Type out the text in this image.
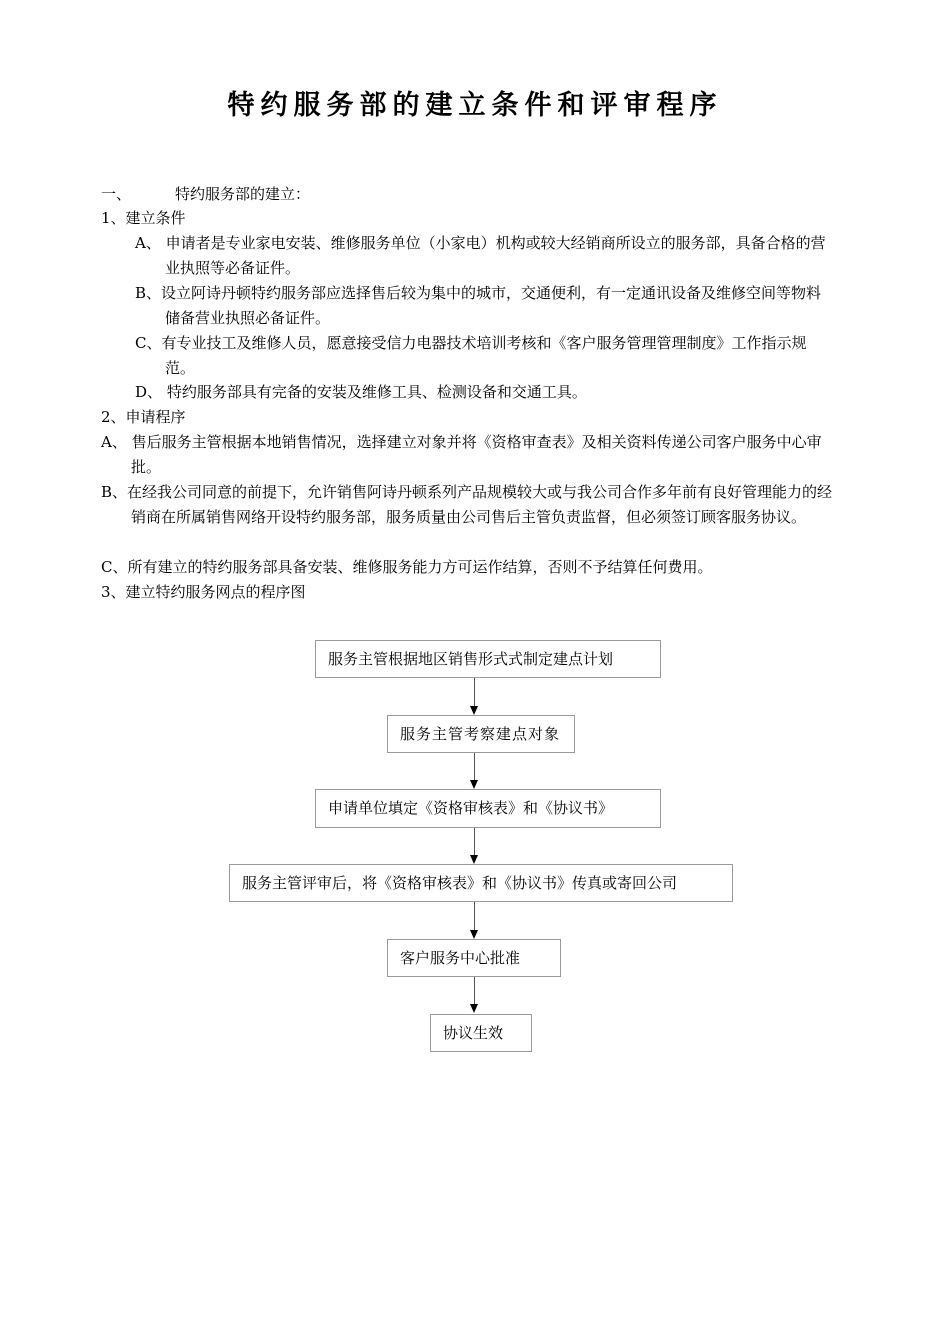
特约服务部的建立条件和评审程序
一、	特约服务部的建立：
1、建立条件
A、 申请者是专业家电安装、维修服务单位（小家电）机构或较大经销商所设立的服务部，具备合格的营业执照等必备证件。
B、设立阿诗丹顿特约服务部应选择售后较为集中的城市，交通便利，有一定通讯设备及维修空间等物料储备营业执照必备证件。
C、有专业技工及维修人员，愿意接受信力电器技术培训考核和《客户服务管理管理制度》工作指示规范。
D、 特约服务部具有完备的安装及维修工具、检测设备和交通工具。
2、申请程序
A、 售后服务主管根据本地销售情况，选择建立对象并将《资格审查表》及相关资料传递公司客户服务中心审批。
B、在经我公司同意的前提下，允许销售阿诗丹顿系列产品规模较大或与我公司合作多年前有良好管理能力的经销商在所属销售网络开设特约服务部，服务质量由公司售后主管负责监督，但必须签订顾客服务协议。
C、所有建立的特约服务部具备安装、维修服务能力方可运作结算，否则不予结算任何费用。
3、建立特约服务网点的程序图
服务主管根据地区销售形式式制定建点计划
服务主管考察建点对象
申请单位填定《资格审核表》和《协议书》
服务主管评审后，将《资格审核表》和《协议书》传真或寄回公司
客户服务中心批准
协议生效
